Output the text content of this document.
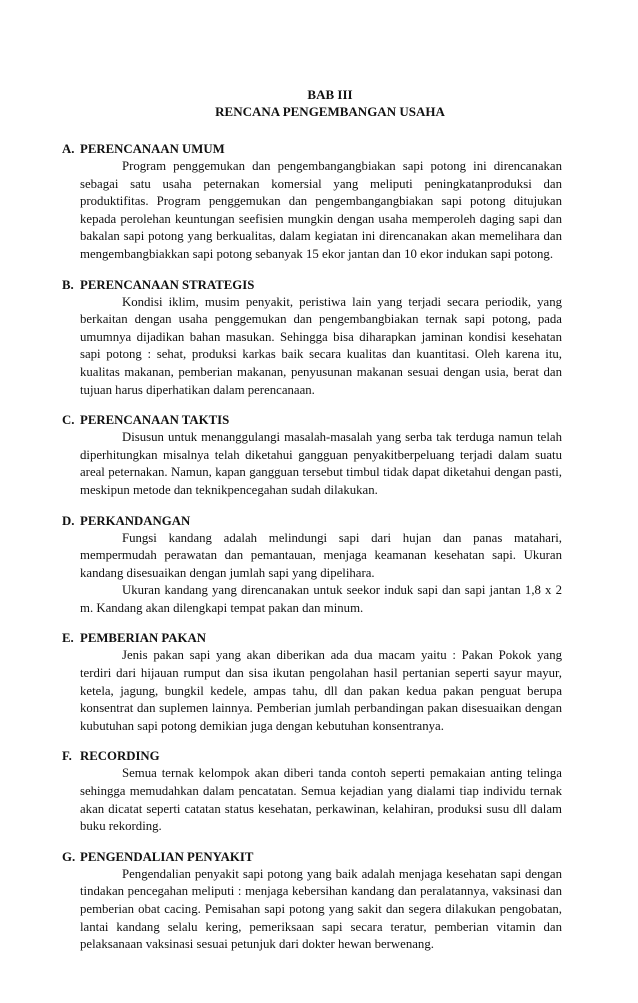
BAB III
RENCANA PENGEMBANGAN USAHA
A. PERENCANAAN UMUM

Program penggemukan dan pengembangangbiakan sapi potong ini direncanakan sebagai satu usaha peternakan komersial yang meliputi peningkatanproduksi dan produktifitas. Program penggemukan dan pengembangangbiakan sapi potong ditujukan kepada perolehan keuntungan seefisien mungkin dengan usaha memperoleh daging sapi dan bakalan sapi potong yang berkualitas, dalam kegiatan ini direncanakan akan memelihara dan mengembangbiakkan sapi potong sebanyak 15 ekor jantan dan 10 ekor indukan sapi potong.

B. PERENCANAAN STRATEGIS

Kondisi iklim, musim penyakit, peristiwa lain yang terjadi secara periodik, yang berkaitan dengan usaha penggemukan dan pengembangbiakan ternak sapi potong, pada umumnya dijadikan bahan masukan. Sehingga bisa diharapkan jaminan kondisi kesehatan sapi potong : sehat, produksi karkas baik secara kualitas dan kuantitasi. Oleh karena itu, kualitas makanan, pemberian makanan, penyusunan makanan sesuai dengan usia, berat dan tujuan harus diperhatikan dalam perencanaan.

C. PERENCANAAN TAKTIS

Disusun untuk menanggulangi masalah-masalah yang serba tak terduga namun telah diperhitungkan misalnya telah diketahui gangguan penyakitberpeluang terjadi dalam suatu areal peternakan. Namun, kapan gangguan tersebut timbul tidak dapat diketahui dengan pasti, meskipun metode dan teknikpencegahan sudah dilakukan.

D. PERKANDANGAN

Fungsi kandang adalah melindungi sapi dari hujan dan panas matahari, mempermudah perawatan dan pemantauan, menjaga keamanan kesehatan sapi. Ukuran kandang disesuaikan dengan jumlah sapi yang dipelihara.

Ukuran kandang yang direncanakan untuk seekor induk sapi dan sapi jantan 1,8 x 2 m. Kandang akan dilengkapi tempat pakan dan minum.

E. PEMBERIAN PAKAN

Jenis pakan sapi yang akan diberikan ada dua macam yaitu : Pakan Pokok yang terdiri dari hijauan rumput dan sisa ikutan pengolahan hasil pertanian seperti sayur mayur, ketela, jagung, bungkil kedele, ampas tahu, dll dan pakan kedua pakan penguat berupa konsentrat dan suplemen lainnya. Pemberian jumlah perbandingan pakan disesuaikan dengan kubutuhan sapi potong demikian juga dengan kebutuhan konsentranya.

F. RECORDING

Semua ternak kelompok akan diberi tanda contoh seperti pemakaian anting telinga sehingga memudahkan dalam pencatatan. Semua kejadian yang dialami tiap individu ternak akan dicatat seperti catatan status kesehatan, perkawinan, kelahiran, produksi susu dll dalam buku rekording.

G. PENGENDALIAN PENYAKIT

Pengendalian penyakit sapi potong yang baik adalah menjaga kesehatan sapi dengan tindakan pencegahan meliputi : menjaga kebersihan kandang dan peralatannya, vaksinasi dan pemberian obat cacing. Pemisahan sapi potong yang sakit dan segera dilakukan pengobatan, lantai kandang selalu kering, pemeriksaan sapi secara teratur, pemberian vitamin dan pelaksanaan vaksinasi sesuai petunjuk dari dokter hewan berwenang.
